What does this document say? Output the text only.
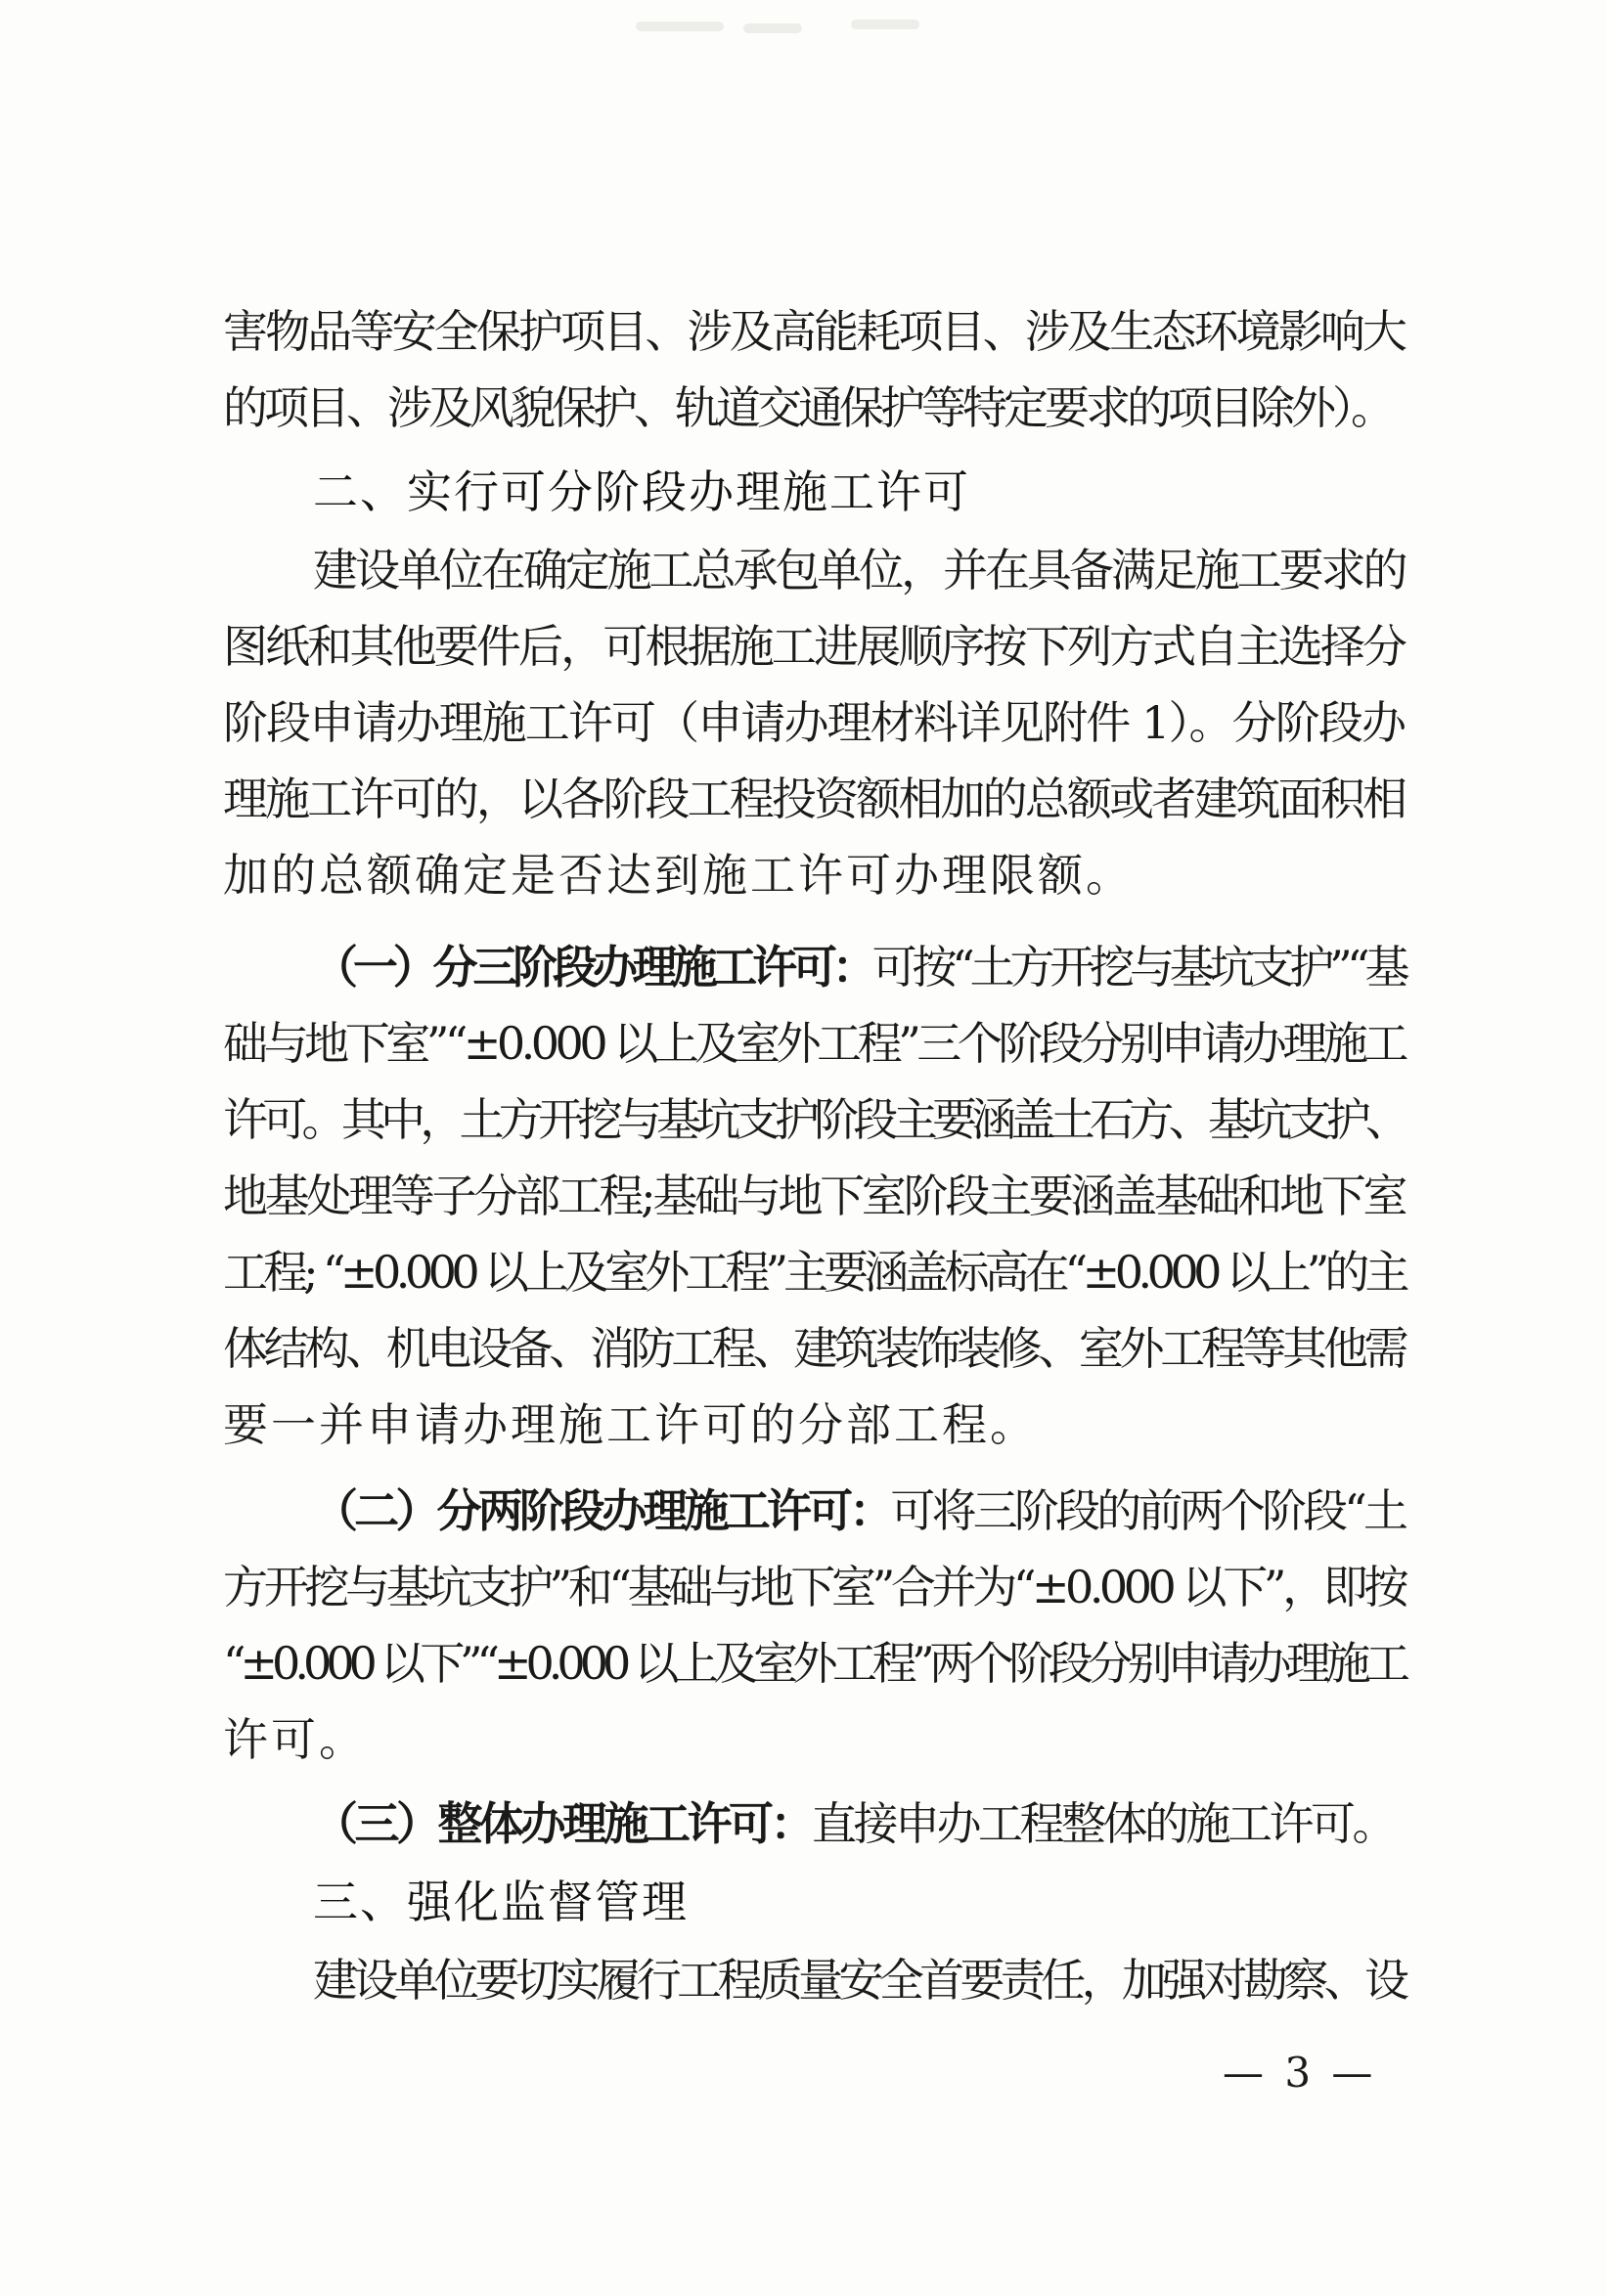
害物品等安全保护项目、涉及高能耗项目、涉及生态环境影响大
的项目、涉及风貌保护、轨道交通保护等特定要求的项目除外）。
二、实行可分阶段办理施工许可
建设单位在确定施工总承包单位，并在具备满足施工要求的
图纸和其他要件后，可根据施工进展顺序按下列方式自主选择分
阶段申请办理施工许可（申请办理材料详见附件 1）。分阶段办
理施工许可的，以各阶段工程投资额相加的总额或者建筑面积相
加的总额确定是否达到施工许可办理限额。
（一）分三阶段办理施工许可：可按“土方开挖与基坑支护”“基
础与地下室”“±0.000 以上及室外工程”三个阶段分别申请办理施工
许可。其中，土方开挖与基坑支护阶段主要涵盖土石方、基坑支护、
地基处理等子分部工程;基础与地下室阶段主要涵盖基础和地下室
工程; “±0.000 以上及室外工程”主要涵盖标高在“±0.000 以上”的主
体结构、机电设备、消防工程、建筑装饰装修、室外工程等其他需
要一并申请办理施工许可的分部工程。
（二）分两阶段办理施工许可：可将三阶段的前两个阶段“土
方开挖与基坑支护”和“基础与地下室”合并为“±0.000 以下”，即按
“±0.000 以下”“±0.000 以上及室外工程”两个阶段分别申请办理施工
许可。
（三）整体办理施工许可：直接申办工程整体的施工许可。
三、强化监督管理
建设单位要切实履行工程质量安全首要责任，加强对勘察、设
— 3 —
